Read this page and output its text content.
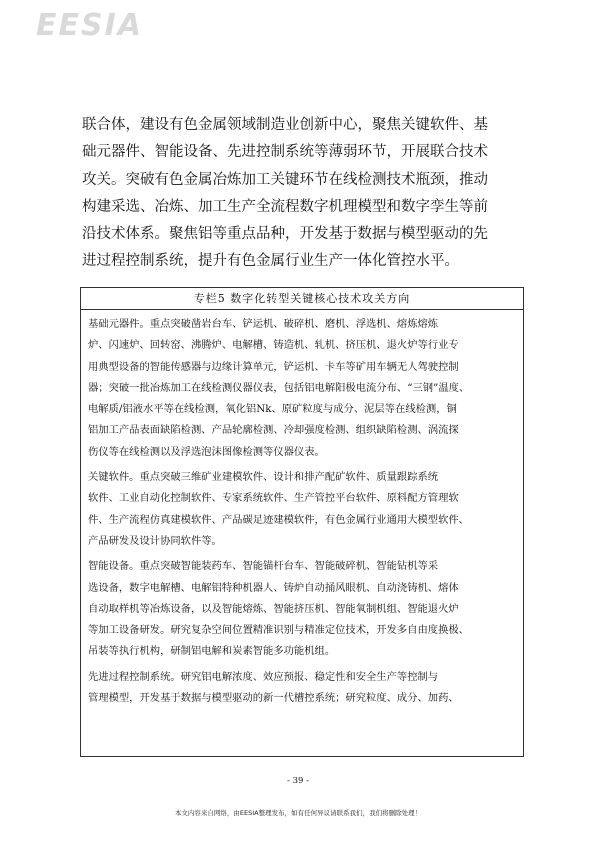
EESIA
联合体，建设有色金属领域制造业创新中心，聚焦关键软件、基
础元器件、智能设备、先进控制系统等薄弱环节，开展联合技术
攻关。突破有色金属冶炼加工关键环节在线检测技术瓶颈，推动
构建采选、冶炼、加工生产全流程数字机理模型和数字孪生等前
沿技术体系。聚焦铝等重点品种，开发基于数据与模型驱动的先
进过程控制系统，提升有色金属行业生产一体化管控水平。
专栏5 数字化转型关键核心技术攻关方向
基础元器件。重点突破凿岩台车、铲运机、破碎机、磨机、浮选机、熔炼熔炼
炉、闪速炉、回转窑、沸腾炉、电解槽、铸造机、轧机、挤压机、退火炉等行业专
用典型设备的智能传感器与边缘计算单元，铲运机、卡车等矿用车辆无人驾驶控制
器；突破一批冶炼加工在线检测仪器仪表，包括铝电解阳极电流分布、“三钢”温度、
电解质/铝液水平等在线检测，氧化铝Nk、原矿粒度与成分、泥层等在线检测，铜
铝加工产品表面缺陷检测、产品轮廓检测、冷却强度检测、组织缺陷检测、涡流探
伤仪等在线检测以及浮选泡沫图像检测等仪器仪表。
关键软件。重点突破三维矿业建模软件、设计和排产配矿软件、质量跟踪系统
软件、工业自动化控制软件、专家系统软件、生产管控平台软件、原料配方管理软
件、生产流程仿真建模软件、产品碳足迹建模软件，有色金属行业通用大模型软件、
产品研发及设计协同软件等。
智能设备。重点突破智能装药车、智能锚杆台车、智能破碎机、智能钻机等采
选设备，数字电解槽、电解铝特种机器人、铸炉自动捅风眼机、自动浇铸机、熔体
自动取样机等冶炼设备，以及智能熔炼、智能挤压机、智能氧制机组、智能退火炉
等加工设备研发。研究复杂空间位置精准识别与精准定位技术，开发多自由度换极、
吊装等执行机构，研制铝电解和炭素智能多功能机组。
先进过程控制系统。研究铝电解浓度、效应预报、稳定性和安全生产等控制与
管理模型，开发基于数据与模型驱动的新一代槽控系统；研究粒度、成分、加药、
- 39 -
本文内容来自网络，由EESIA整理发布，如有任何异议请联系我们，我们将删除处理！
